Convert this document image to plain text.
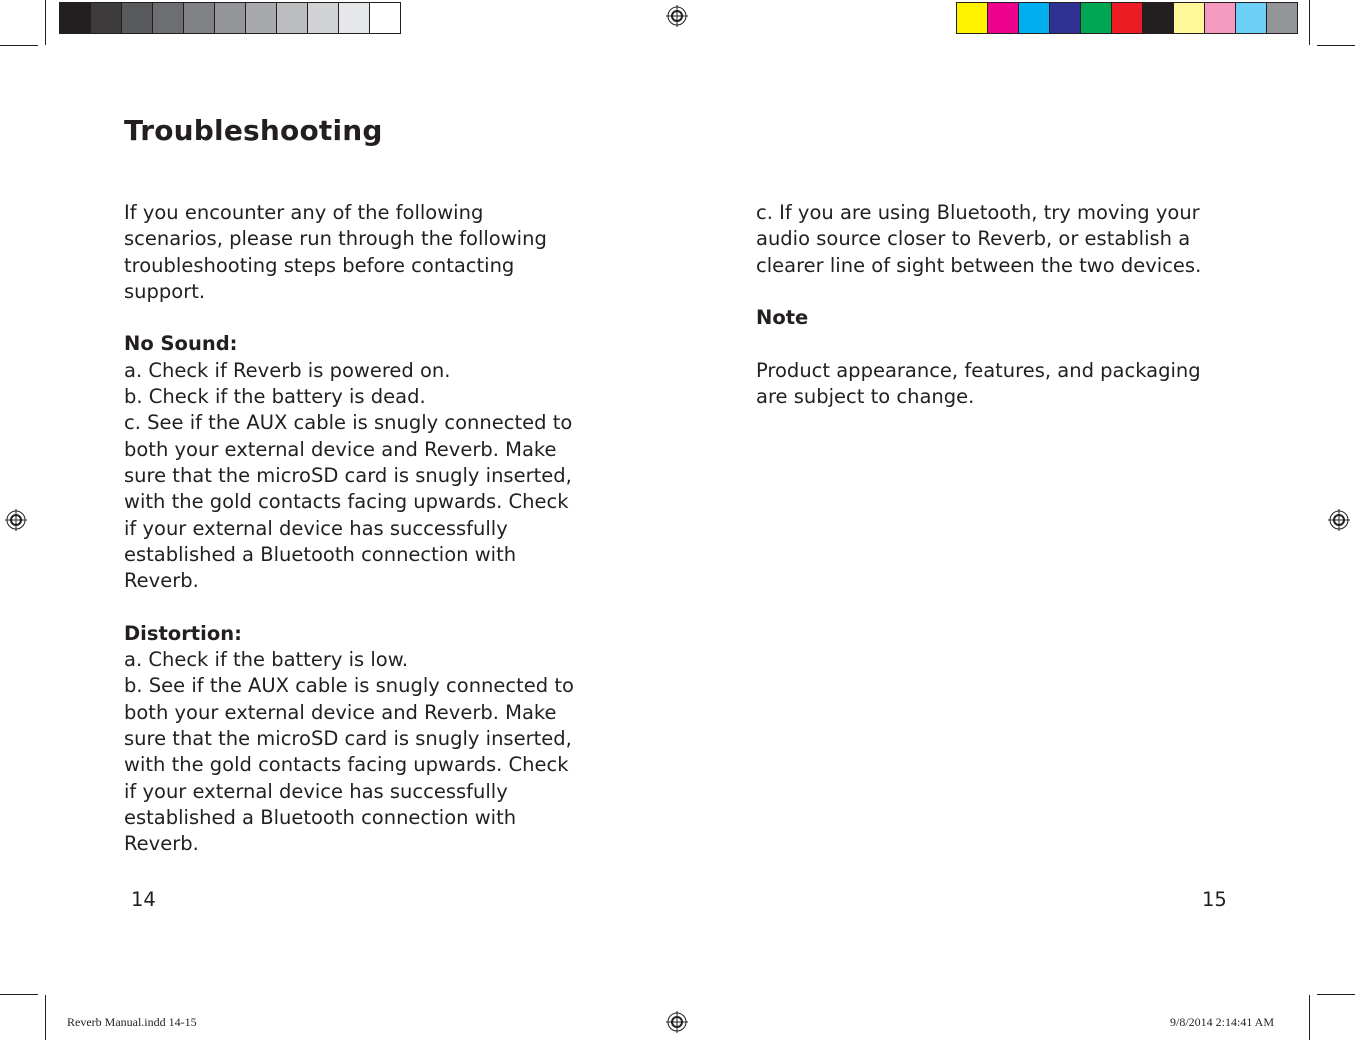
Troubleshooting

If you encounter any of the following

scenarios, please run through the following

troubleshooting steps before contacting

support.

No Sound:

a. Check if Reverb is powered on.

b. Check if the battery is dead.

c. See if the AUX cable is snugly connected to

both your external device and Reverb. Make

sure that the microSD card is snugly inserted,

with the gold contacts facing upwards. Check

if your external device has successfully

established a Bluetooth connection with

Reverb.

Distortion:

a. Check if the battery is low.

b. See if the AUX cable is snugly connected to

both your external device and Reverb. Make

sure that the microSD card is snugly inserted,

with the gold contacts facing upwards. Check

if your external device has successfully

established a Bluetooth connection with

Reverb.

14

c. If you are using Bluetooth, try moving your

audio source closer to Reverb, or establish a

clearer line of sight between the two devices.

Note

Product appearance, features, and packaging

are subject to change.

15
Reverb Manual.indd 14-15	9/8/2014 2:14:41 AM
